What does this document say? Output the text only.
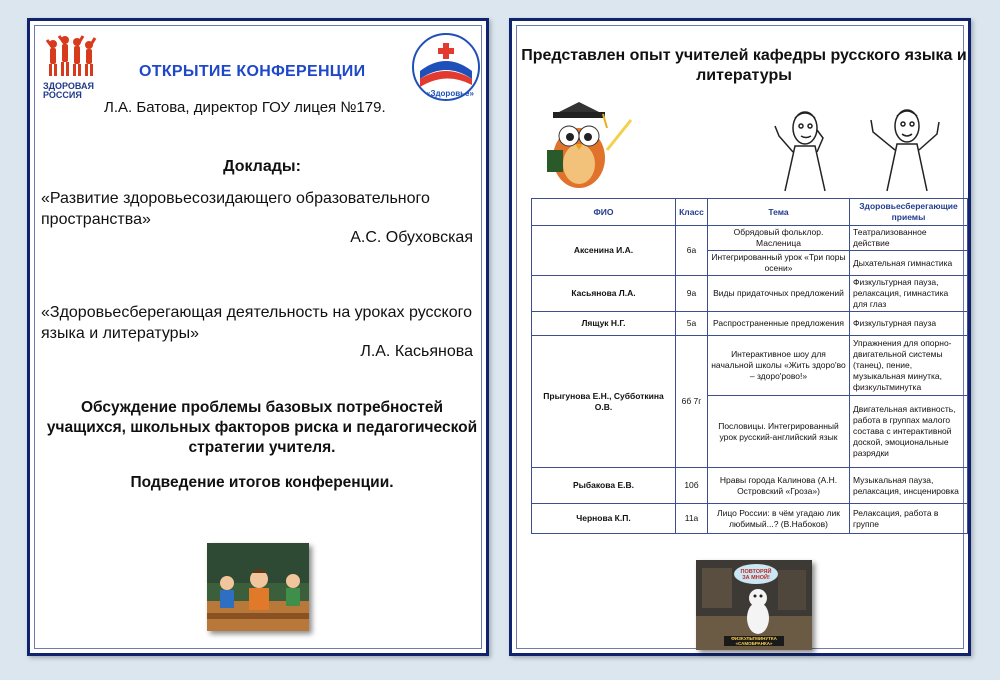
ЗДОРОВАЯ
РОССИЯ	«Здоровье»
ОТКРЫТИЕ КОНФЕРЕНЦИИ
Л.А. Батова, директор ГОУ лицея №179.
Доклады:
«Развитие здоровьесозидающего образовательного пространства»
А.С. Обуховская
«Здоровьесберегающая деятельность на уроках русского языка и литературы»
Л.А. Касьянова
Обсуждение проблемы базовых потребностей учащихся, школьных факторов риска и педагогической стратегии учителя.
Подведение итогов конференции.
Представлен опыт учителей кафедры русского языка и литературы
ФИО	Класс	Тема	Здоровьесберегающие приемы
Аксенина И.А.	6а	Обрядовый фольклор. Масленица	Театрализованное действие
		Интегрированный урок «Три поры осени»	Дыхательная гимнастика
Касьянова Л.А.	9а	Виды придаточных предложений	Физкультурная пауза, релаксация, гимнастика для глаз
Лящук Н.Г.	5а	Распространенные предложения	Физкультурная пауза
Прыгунова Е.Н., Субботкина О.В.	6б 7г	Интерактивное шоу для начальной школы «Жить здоро'во – здоро'рово!»	Упражнения для опорно-двигательной системы (танец), пение, музыкальная минутка, физкультминутка
		Пословицы. Интегрированный урок русский-английский язык	Двигательная активность, работа в группах малого состава с интерактивной доской, эмоциональные разрядки
Рыбакова Е.В.	10б	Нравы города Калинова (А.Н. Островский «Гроза»)	Музыкальная пауза, релаксация, инсценировка
Чернова К.П.	11а	Лицо России: в чём угадаю лик любимый...? (В.Набоков)	Релаксация, работа в группе
ПОВТОРЯЙ ЗА МНОЙ!
ФИЗКУЛЬТМИНУТКА «САМОБРАНКА»
